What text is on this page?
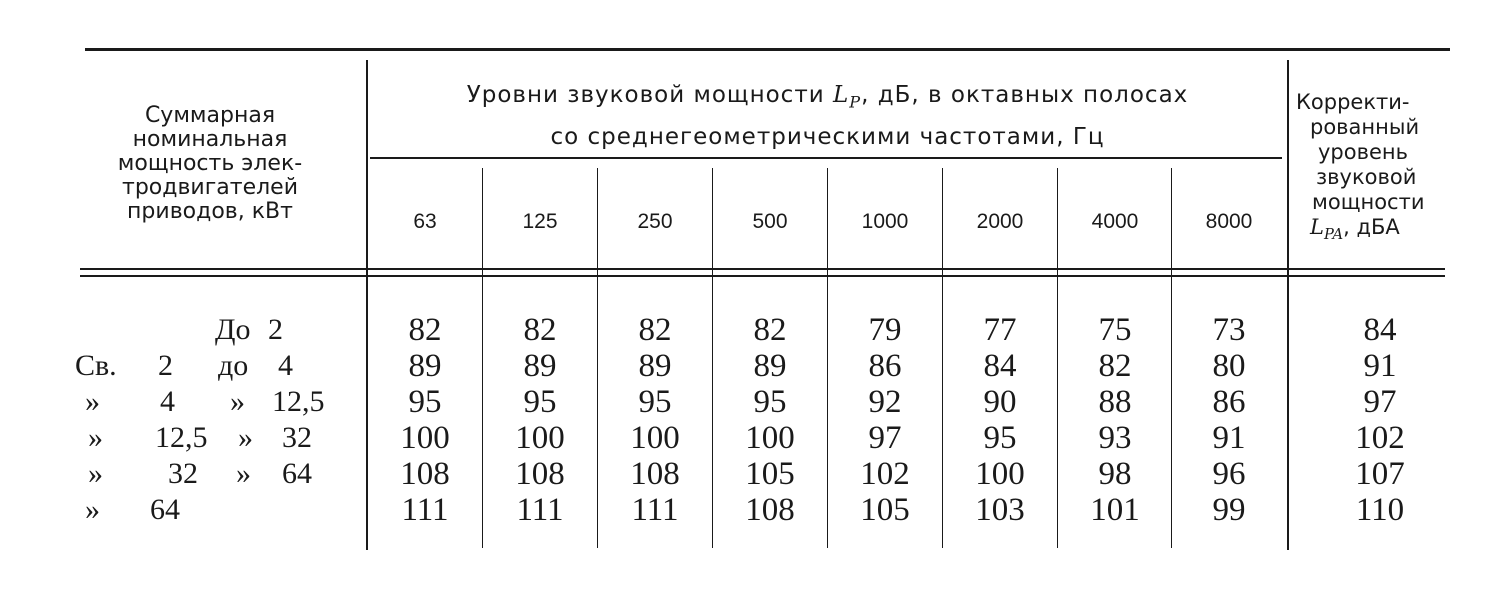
Суммарная
номинальная
мощность элек-
тродвигателей
приводов, кВт
Уровни звуковой мощности $L_P$, дБ, в октавных полосах
со среднегеометрическими частотами, Гц
Корректи-
рованный
уровень
звуковой
мощности
$L_{PA}$, дБА
63	125	250	500	1000	2000	4000	8000
До 2	82	82	82	82	79	77	75	73	84
Св. 2 до 4	89	89	89	89	86	84	82	80	91
» 4 » 12,5	95	95	95	95	92	90	88	86	97
» 12,5 » 32	100	100	100	100	97	95	93	91	102
» 32 » 64	108	108	108	105	102	100	98	96	107
» 64	111	111	111	108	105	103	101	99	110
